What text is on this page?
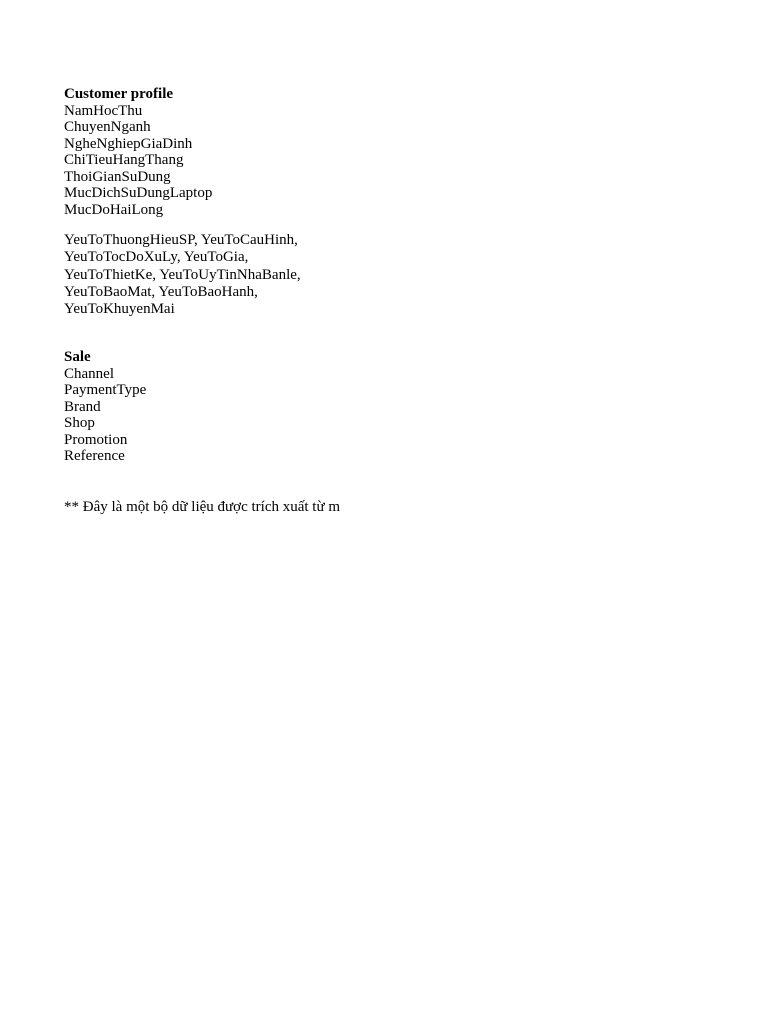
Customer profile
NamHocThu
ChuyenNganh
NgheNghiepGiaDinh
ChiTieuHangThang
ThoiGianSuDung
MucDichSuDungLaptop
MucDoHaiLong
YeuToThuongHieuSP, YeuToCauHinh,
YeuToTocDoXuLy, YeuToGia,
YeuToThietKe, YeuToUyTinNhaBanle,
YeuToBaoMat, YeuToBaoHanh,
YeuToKhuyenMai
Sale
Channel
PaymentType
Brand
Shop
Promotion
Reference
** Đây là một bộ dữ liệu được trích xuất từ m
